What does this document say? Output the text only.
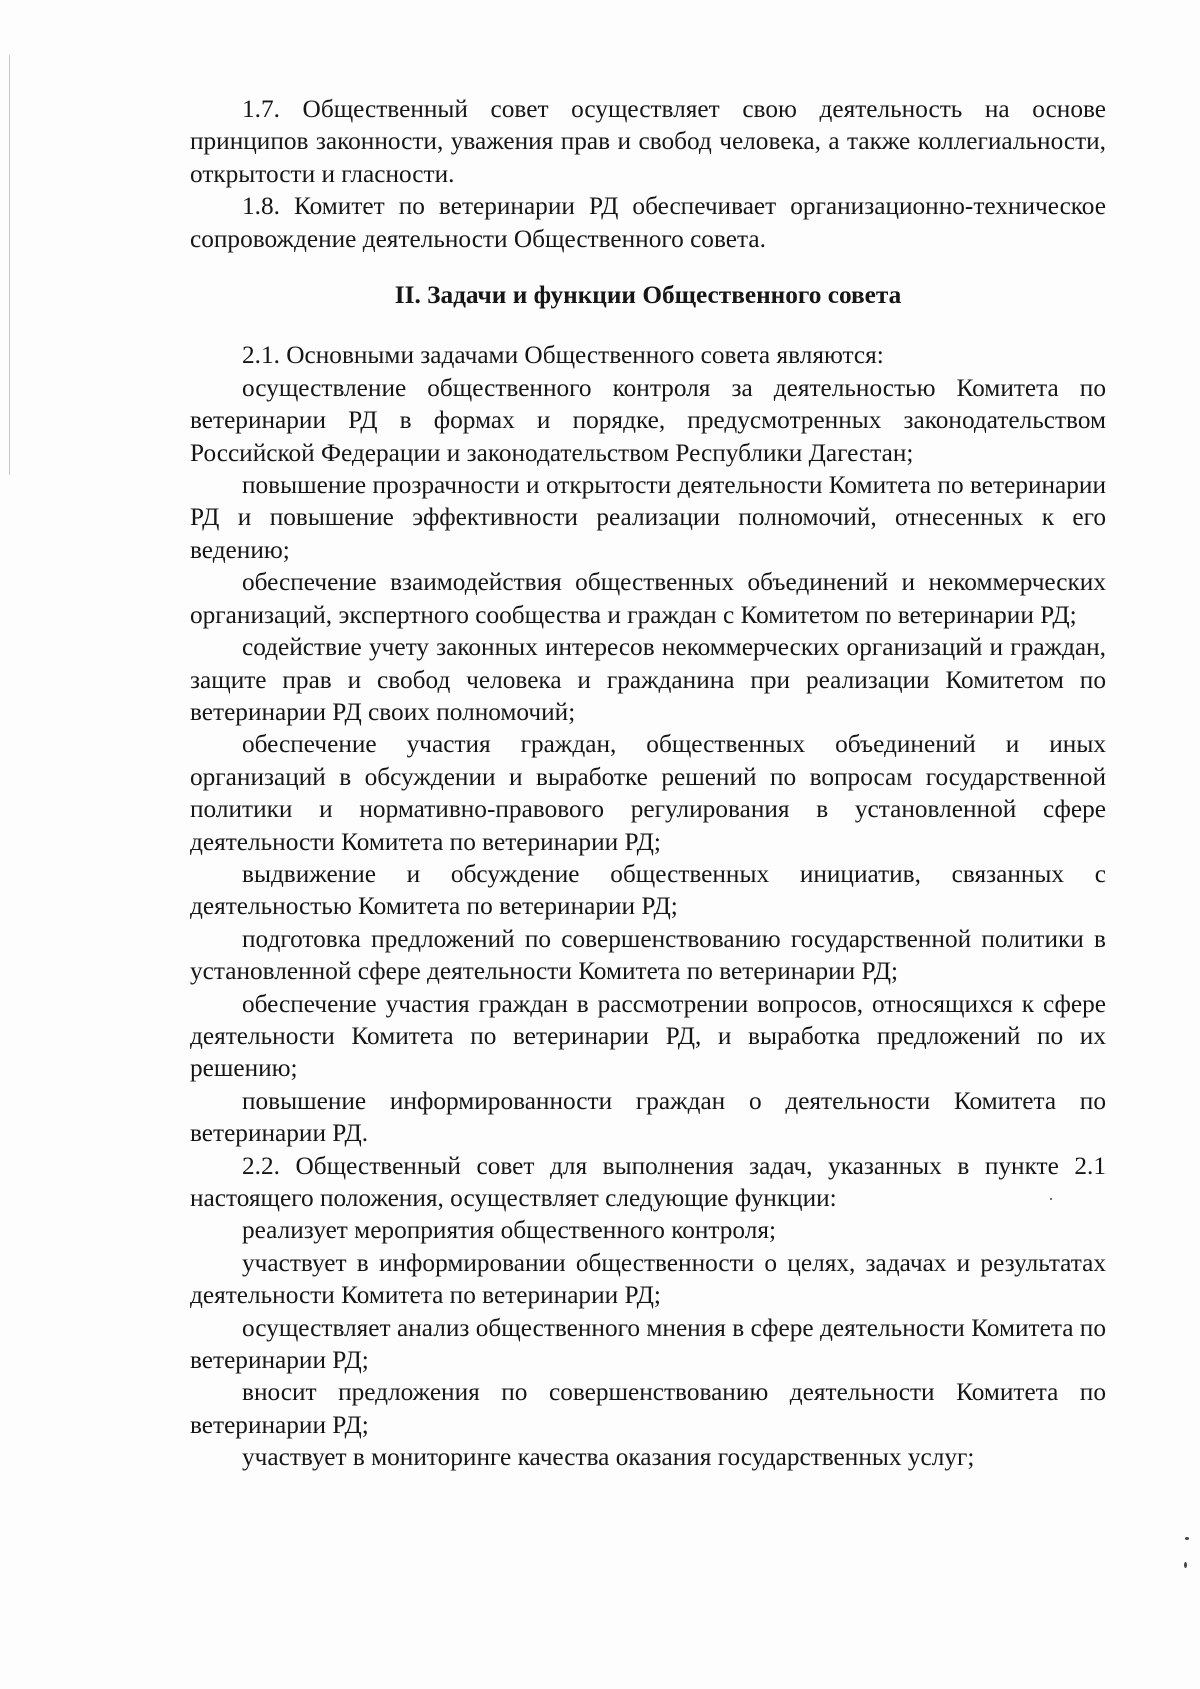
1.7. Общественный совет осуществляет свою деятельность на основе принципов законности, уважения прав и свобод человека, а также коллегиальности, открытости и гласности.

1.8. Комитет по ветеринарии РД обеспечивает организационно-техническое сопровождение деятельности Общественного совета.

II. Задачи и функции Общественного совета

2.1. Основными задачами Общественного совета являются:

осуществление общественного контроля за деятельностью Комитета по ветеринарии РД в формах и порядке, предусмотренных законодательством Российской Федерации и законодательством Республики Дагестан;

повышение прозрачности и открытости деятельности Комитета по ветеринарии РД и повышение эффективности реализации полномочий, отнесенных к его ведению;

обеспечение взаимодействия общественных объединений и некоммерческих организаций, экспертного сообщества и граждан с Комитетом по ветеринарии РД;

содействие учету законных интересов некоммерческих организаций и граждан, защите прав и свобод человека и гражданина при реализации Комитетом по ветеринарии РД своих полномочий;

обеспечение участия граждан, общественных объединений и иных организаций в обсуждении и выработке решений по вопросам государственной политики и нормативно-правового регулирования в установленной сфере деятельности Комитета по ветеринарии РД;

выдвижение и обсуждение общественных инициатив, связанных с деятельностью Комитета по ветеринарии РД;

подготовка предложений по совершенствованию государственной политики в установленной сфере деятельности Комитета по ветеринарии РД;

обеспечение участия граждан в рассмотрении вопросов, относящихся к сфере деятельности Комитета по ветеринарии РД, и выработка предложений по их решению;

повышение информированности граждан о деятельности Комитета по ветеринарии РД.

2.2. Общественный совет для выполнения задач, указанных в пункте 2.1 настоящего положения, осуществляет следующие функции:

реализует мероприятия общественного контроля;

участвует в информировании общественности о целях, задачах и результатах деятельности Комитета по ветеринарии РД;

осуществляет анализ общественного мнения в сфере деятельности Комитета по ветеринарии РД;

вносит предложения по совершенствованию деятельности Комитета по ветеринарии РД;

участвует в мониторинге качества оказания государственных услуг;
